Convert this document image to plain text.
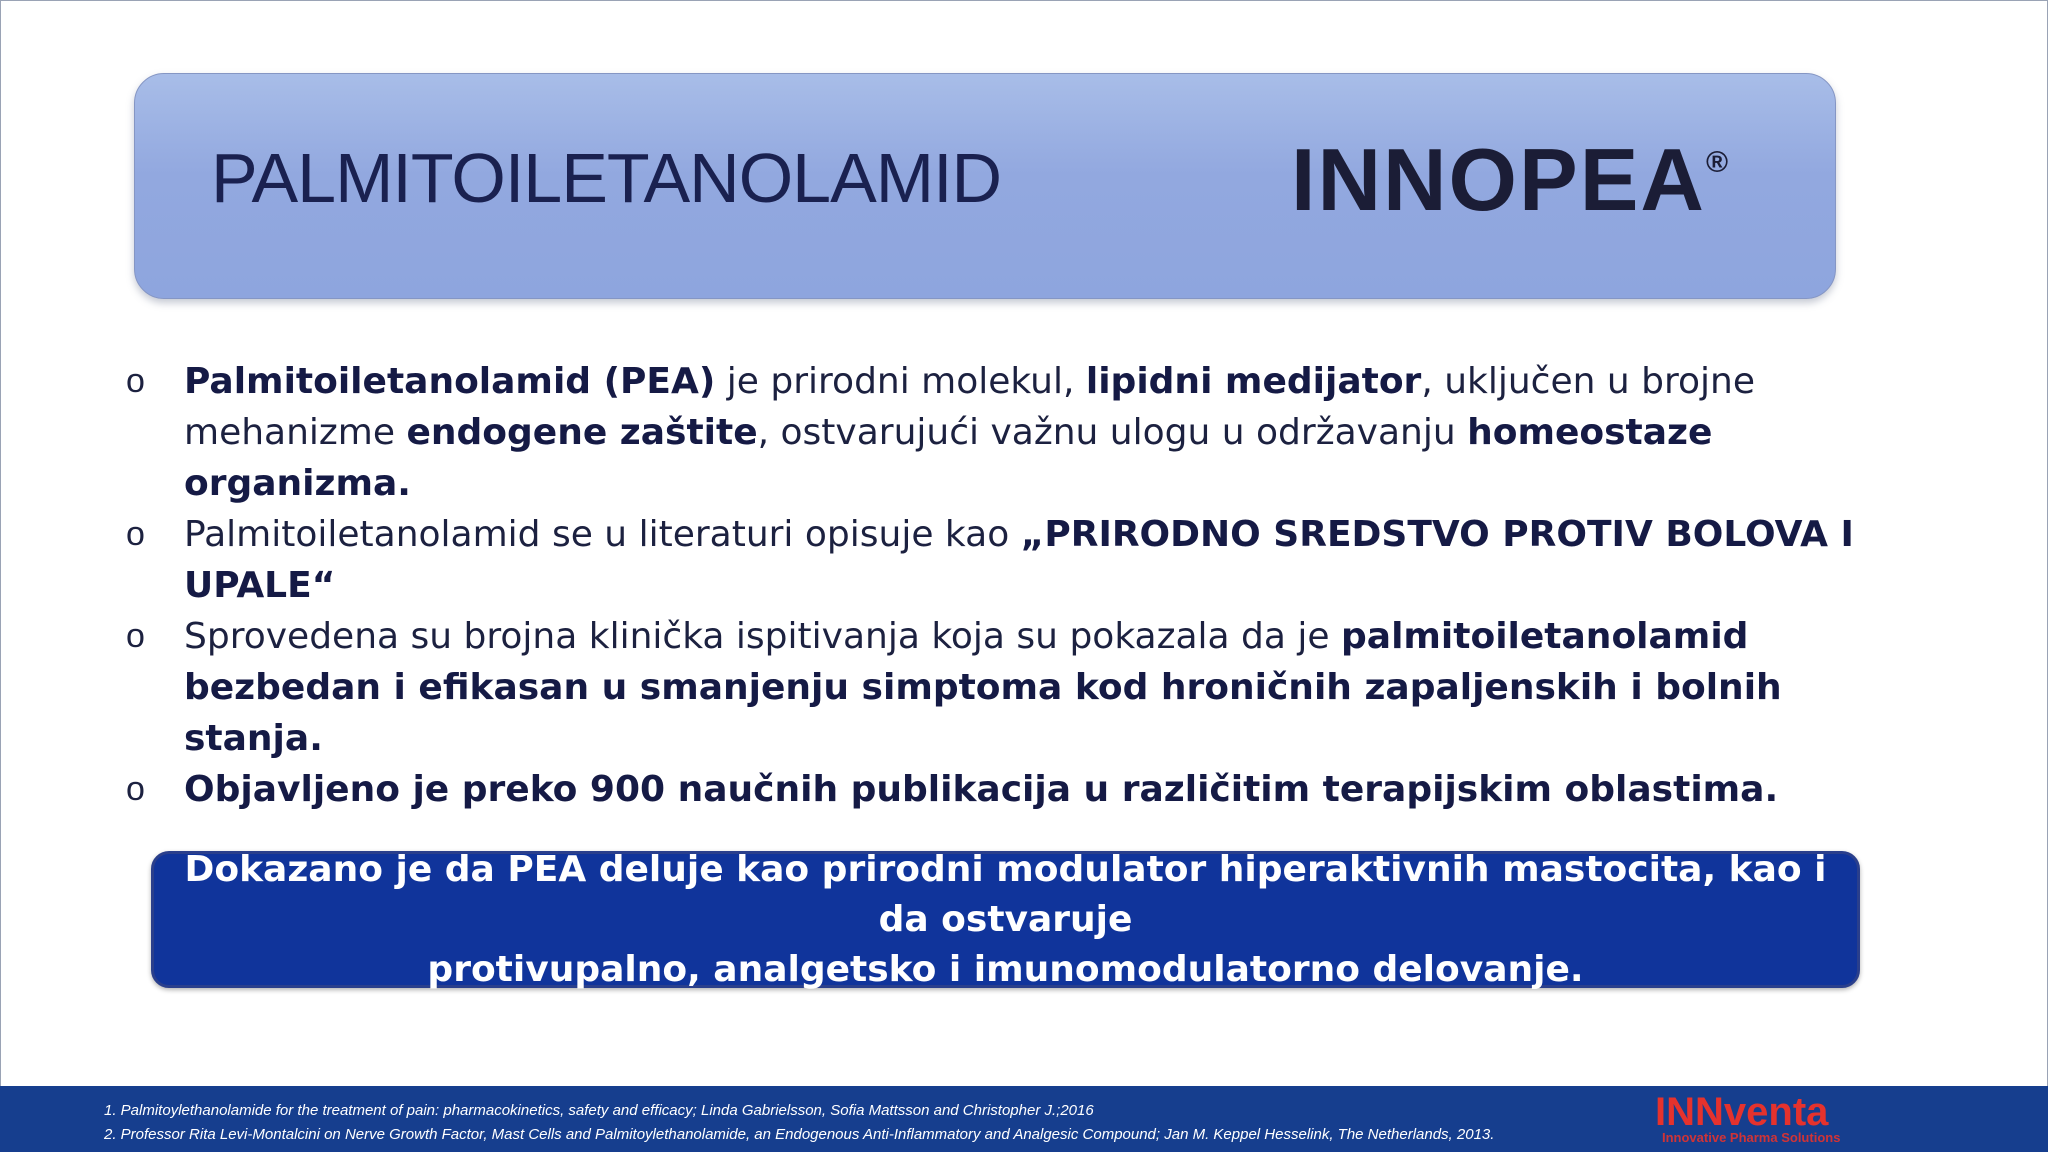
PALMITOILETANOLAMID	INNOPEA®
o Palmitoiletanolamid (PEA) je prirodni molekul, lipidni medijator, uključen u brojne mehanizme endogene zaštite, ostvarujući važnu ulogu u održavanju homeostaze organizma.
o Palmitoiletanolamid se u literaturi opisuje kao „PRIRODNO SREDSTVO PROTIV BOLOVA I UPALE“
o Sprovedena su brojna klinička ispitivanja koja su pokazala da je palmitoiletanolamid bezbedan i efikasan u smanjenju simptoma kod hroničnih zapaljenskih i bolnih stanja.
o Objavljeno je preko 900 naučnih publikacija u različitim terapijskim oblastima.
Dokazano je da PEA deluje kao prirodni modulator hiperaktivnih mastocita, kao i da ostvaruje
protivupalno, analgetsko i imunomodulatorno delovanje.
1. Palmitoylethanolamide for the treatment of pain: pharmacokinetics, safety and efficacy; Linda Gabrielsson, Sofia Mattsson and Christopher J.;2016
2. Professor Rita Levi-Montalcini on Nerve Growth Factor, Mast Cells and Palmitoylethanolamide, an Endogenous Anti-Inflammatory and Analgesic Compound; Jan M. Keppel Hesselink, The Netherlands, 2013.
INNventa
Innovative Pharma Solutions
